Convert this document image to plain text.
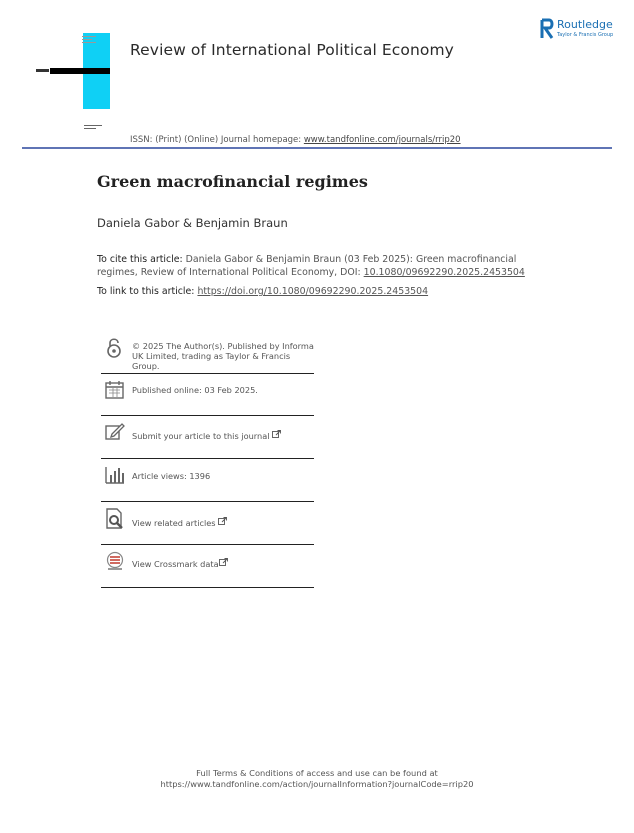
Review of International Political Economy
Routledge
Taylor & Francis Group
ISSN: (Print) (Online) Journal homepage: www.tandfonline.com/journals/rrip20
Green macrofinancial regimes
Daniela Gabor & Benjamin Braun
To cite this article: Daniela Gabor & Benjamin Braun (03 Feb 2025): Green macrofinancial regimes, Review of International Political Economy, DOI: 10.1080/09692290.2025.2453504
To link to this article: https://doi.org/10.1080/09692290.2025.2453504
© 2025 The Author(s). Published by Informa UK Limited, trading as Taylor & Francis Group.
Published online: 03 Feb 2025.
Submit your article to this journal
Article views: 1396
View related articles
View Crossmark data
Full Terms & Conditions of access and use can be found at
https://www.tandfonline.com/action/journalInformation?journalCode=rrip20
